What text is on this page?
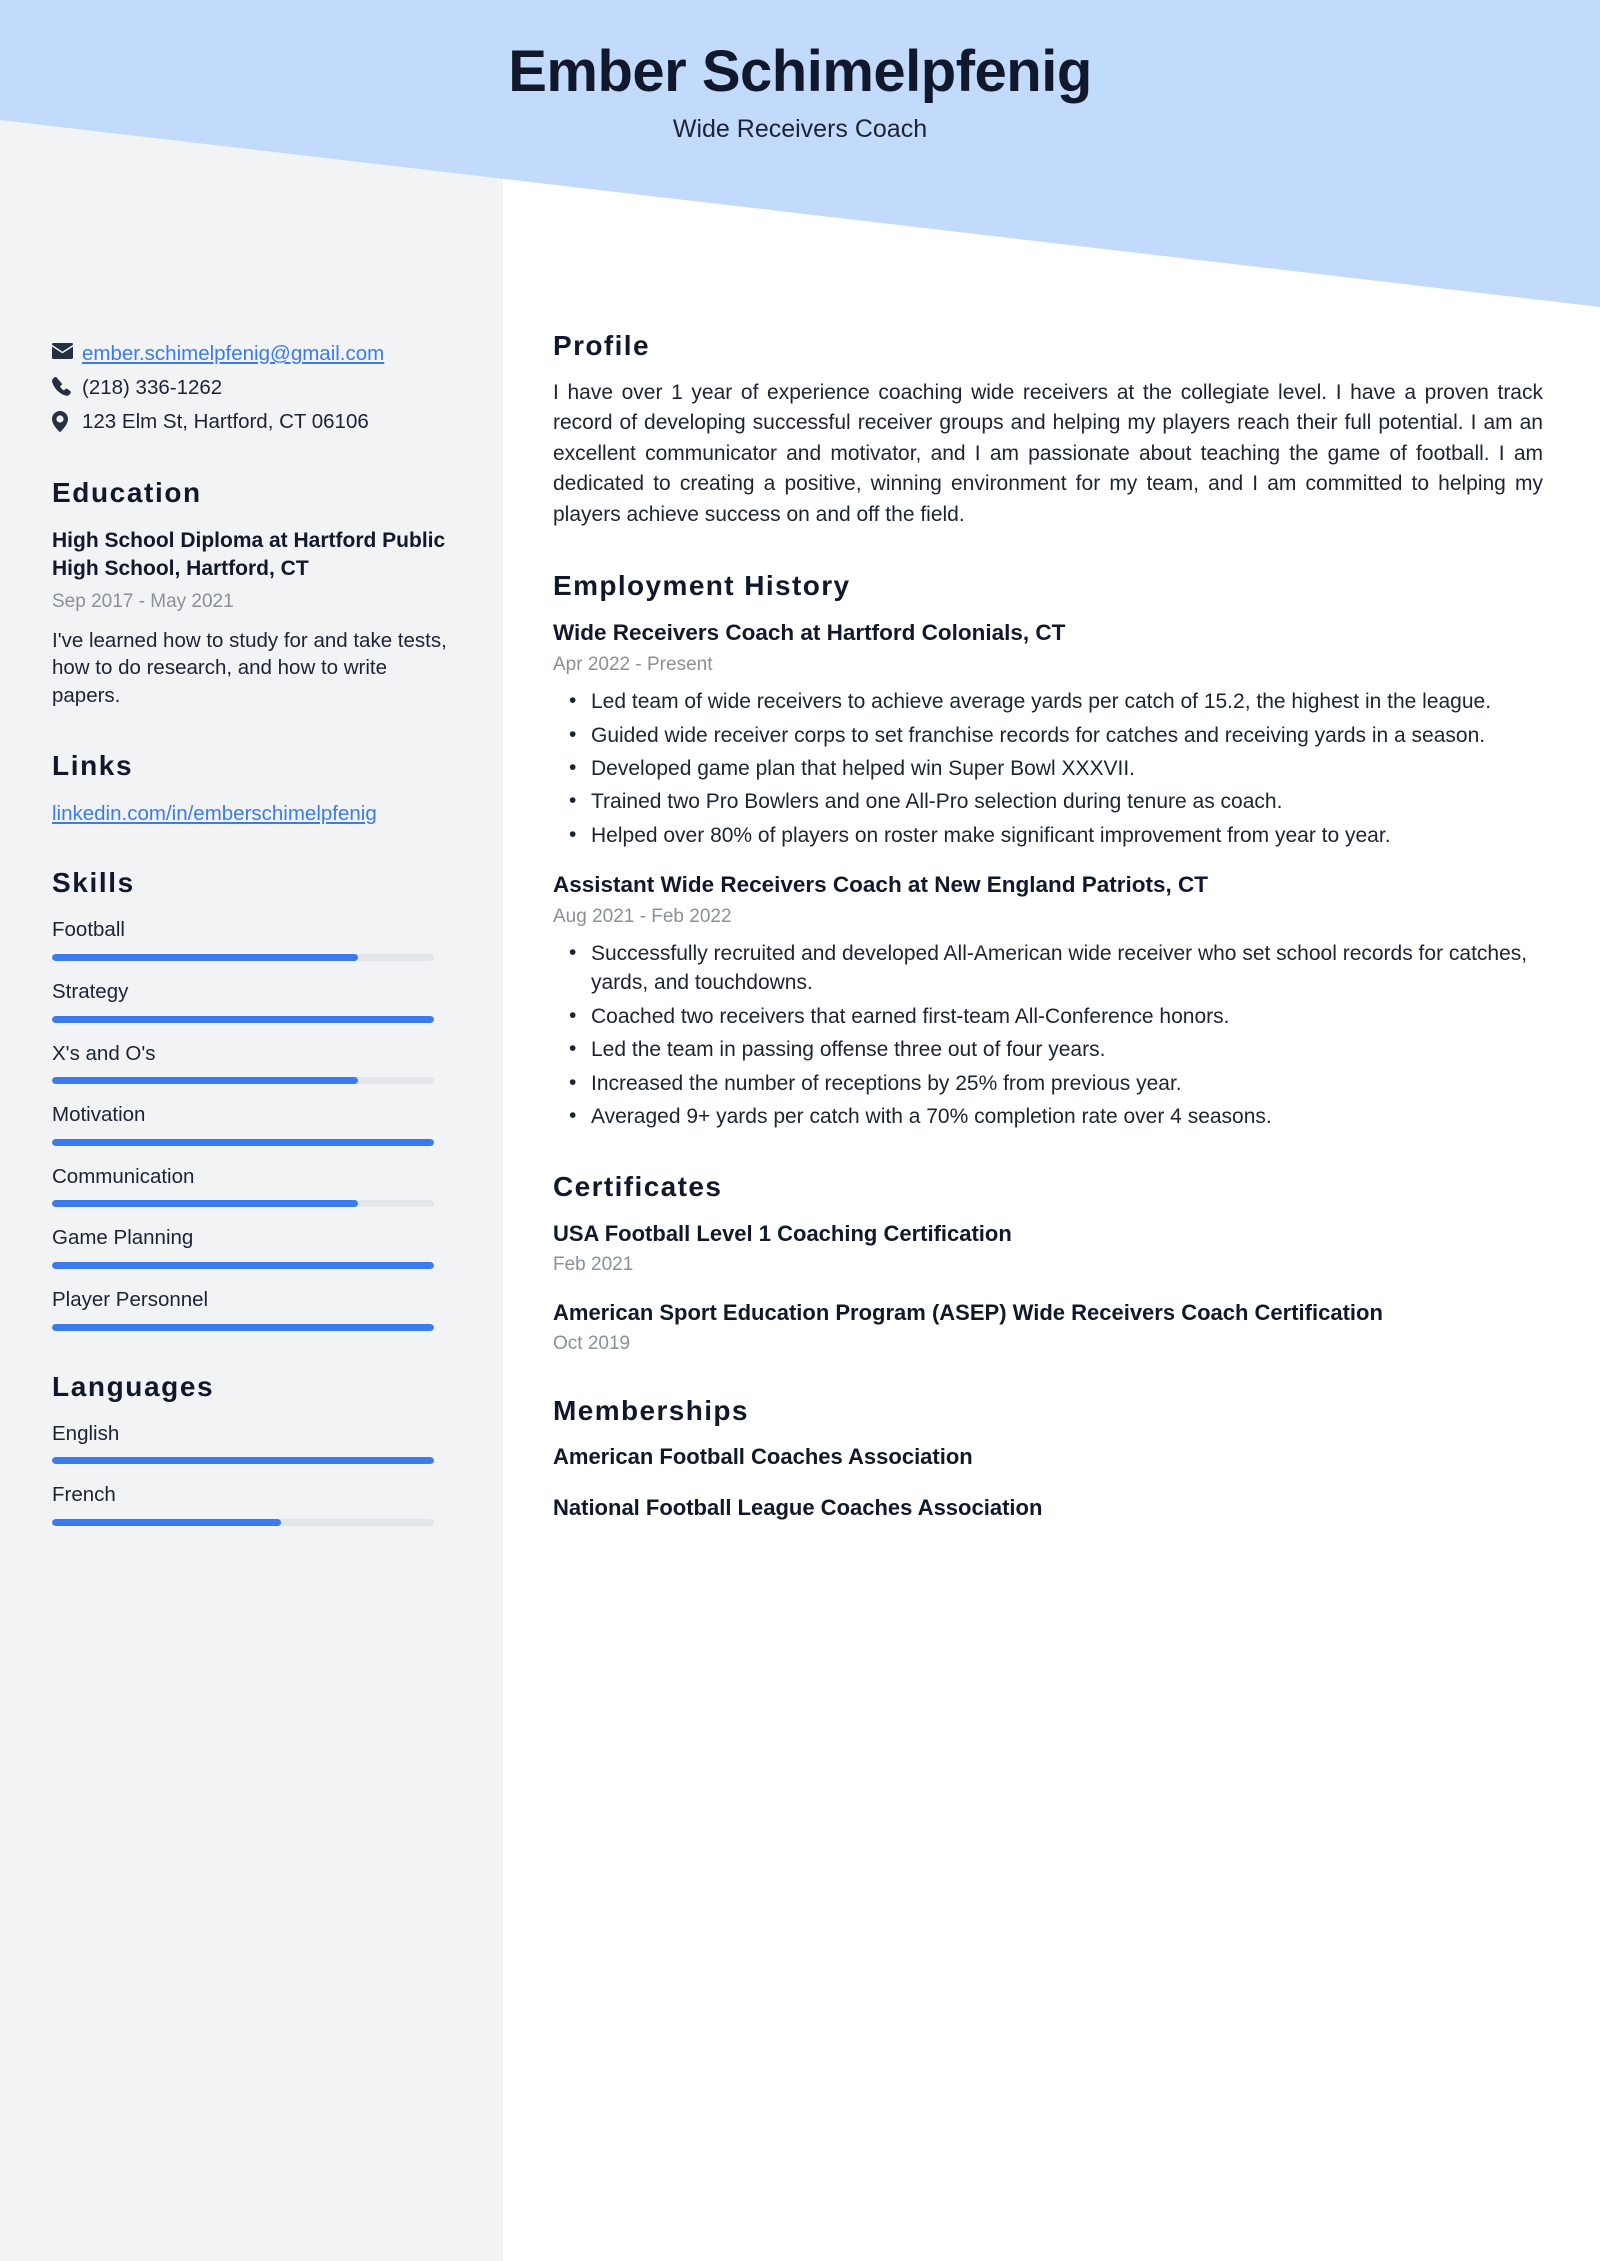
Ember Schimelpfenig
Wide Receivers Coach
ember.schimelpfenig@gmail.com
(218) 336-1262
123 Elm St, Hartford, CT 06106
Education
High School Diploma at Hartford Public High School, Hartford, CT
Sep 2017 - May 2021
I've learned how to study for and take tests, how to do research, and how to write papers.
Links
linkedin.com/in/emberschimelpfenig
Skills
Football
Strategy
X's and O's
Motivation
Communication
Game Planning
Player Personnel
Languages
English
French
Profile

I have over 1 year of experience coaching wide receivers at the collegiate level. I have a proven track record of developing successful receiver groups and helping my players reach their full potential. I am an excellent communicator and motivator, and I am passionate about teaching the game of football. I am dedicated to creating a positive, winning environment for my team, and I am committed to helping my players achieve success on and off the field.

Employment History
Wide Receivers Coach at Hartford Colonials, CT
Apr 2022 - Present
• Led team of wide receivers to achieve average yards per catch of 15.2, the highest in the league.
• Guided wide receiver corps to set franchise records for catches and receiving yards in a season.
• Developed game plan that helped win Super Bowl XXXVII.
• Trained two Pro Bowlers and one All-Pro selection during tenure as coach.
• Helped over 80% of players on roster make significant improvement from year to year.
Assistant Wide Receivers Coach at New England Patriots, CT
Aug 2021 - Feb 2022
• Successfully recruited and developed All-American wide receiver who set school records for catches, yards, and touchdowns.
• Coached two receivers that earned first-team All-Conference honors.
• Led the team in passing offense three out of four years.
• Increased the number of receptions by 25% from previous year.
• Averaged 9+ yards per catch with a 70% completion rate over 4 seasons.
Certificates
USA Football Level 1 Coaching Certification
Feb 2021
American Sport Education Program (ASEP) Wide Receivers Coach Certification
Oct 2019
Memberships
American Football Coaches Association
National Football League Coaches Association
